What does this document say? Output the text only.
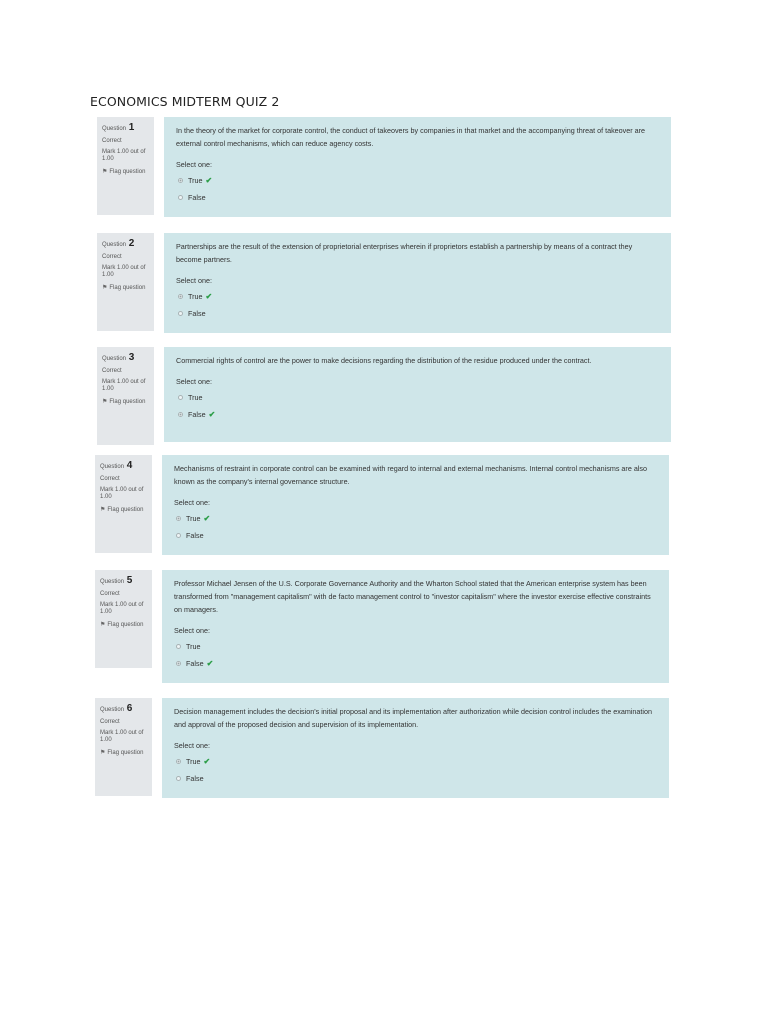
ECONOMICS MIDTERM QUIZ 2
Question 1
Correct
Mark 1.00 out of 1.00
⚑ Flag question

In the theory of the market for corporate control, the conduct of takeovers by companies in that market and the accompanying threat of takeover are external control mechanisms, which can reduce agency costs.

Select one:
True ✔
False
Question 2
Correct
Mark 1.00 out of 1.00
⚑ Flag question

Partnerships are the result of the extension of proprietorial enterprises wherein if proprietors establish a partnership by means of a contract they become partners.

Select one:
True ✔
False
Question 3
Correct
Mark 1.00 out of 1.00
⚑ Flag question

Commercial rights of control are the power to make decisions regarding the distribution of the residue produced under the contract.

Select one:
True
False ✔
Question 4
Correct
Mark 1.00 out of 1.00
⚑ Flag question

Mechanisms of restraint in corporate control can be examined with regard to internal and external mechanisms. Internal control mechanisms are also known as the company's internal governance structure.

Select one:
True ✔
False
Question 5
Correct
Mark 1.00 out of 1.00
⚑ Flag question

Professor Michael Jensen of the U.S. Corporate Governance Authority and the Wharton School stated that the American enterprise system has been transformed from "management capitalism" with de facto management control to "investor capitalism" where the investor exercise effective constraints on managers.

Select one:
True
False ✔
Question 6
Correct
Mark 1.00 out of 1.00
⚑ Flag question

Decision management includes the decision's initial proposal and its implementation after authorization while decision control includes the examination and approval of the proposed decision and supervision of its implementation.

Select one:
True ✔
False
